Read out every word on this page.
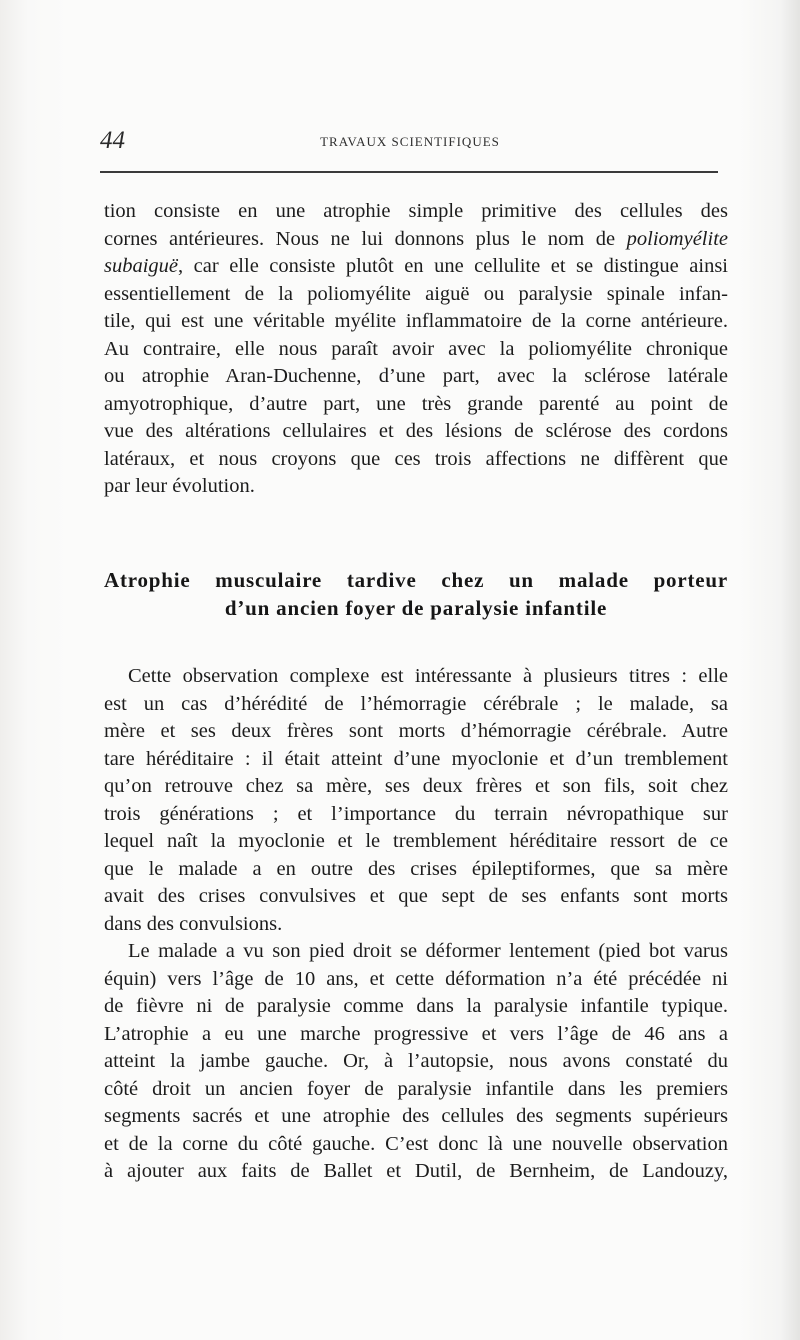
44	TRAVAUX SCIENTIFIQUES
tion consiste en une atrophie simple primitive des cellules des
cornes antérieures. Nous ne lui donnons plus le nom de poliomyélite
subaiguë, car elle consiste plutôt en une cellulite et se distingue ainsi
essentiellement de la poliomyélite aiguë ou paralysie spinale infan-
tile, qui est une véritable myélite inflammatoire de la corne antérieure.
Au contraire, elle nous paraît avoir avec la poliomyélite chronique
ou atrophie Aran-Duchenne, d’une part, avec la sclérose latérale
amyotrophique, d’autre part, une très grande parenté au point de
vue des altérations cellulaires et des lésions de sclérose des cordons
latéraux, et nous croyons que ces trois affections ne diffèrent que
par leur évolution.
Atrophie musculaire tardive chez un malade porteur
d’un ancien foyer de paralysie infantile
Cette observation complexe est intéressante à plusieurs titres : elle
est un cas d’hérédité de l’hémorragie cérébrale ; le malade, sa
mère et ses deux frères sont morts d’hémorragie cérébrale. Autre
tare héréditaire : il était atteint d’une myoclonie et d’un tremblement
qu’on retrouve chez sa mère, ses deux frères et son fils, soit chez
trois générations ; et l’importance du terrain névropathique sur
lequel naît la myoclonie et le tremblement héréditaire ressort de ce
que le malade a en outre des crises épileptiformes, que sa mère
avait des crises convulsives et que sept de ses enfants sont morts
dans des convulsions.
Le malade a vu son pied droit se déformer lentement (pied bot varus
équin) vers l’âge de 10 ans, et cette déformation n’a été précédée ni
de fièvre ni de paralysie comme dans la paralysie infantile typique.
L’atrophie a eu une marche progressive et vers l’âge de 46 ans a
atteint la jambe gauche. Or, à l’autopsie, nous avons constaté du
côté droit un ancien foyer de paralysie infantile dans les premiers
segments sacrés et une atrophie des cellules des segments supérieurs
et de la corne du côté gauche. C’est donc là une nouvelle observation
à ajouter aux faits de Ballet et Dutil, de Bernheim, de Landouzy,
